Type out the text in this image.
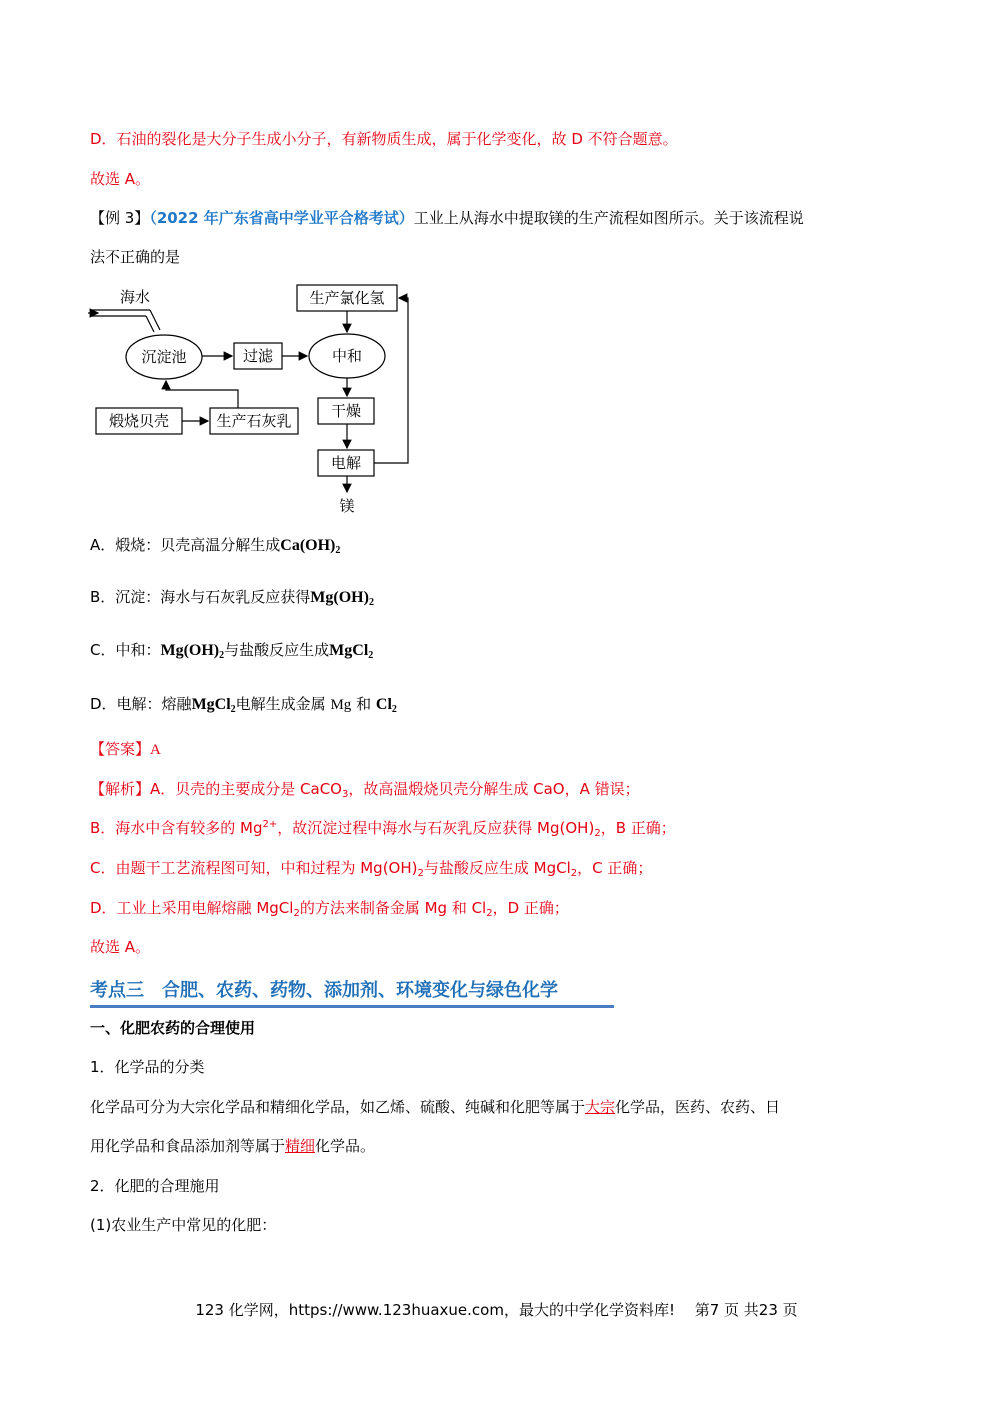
D．石油的裂化是大分子生成小分子，有新物质生成，属于化学变化，故 D 不符合题意。
故选 A。
【例 3】（2022 年广东省高中学业平合格考试）工业上从海水中提取镁的生产流程如图所示。关于该流程说
法不正确的是
海水
沉淀池	过滤	中和
生产氯化氢
煅烧贝壳	生产石灰乳
干燥
电解
镁
A．煅烧：贝壳高温分解生成$Ca(OH)_2$
B．沉淀：海水与石灰乳反应获得$Mg(OH)_2$
C．中和：$Mg(OH)_2$与盐酸反应生成MgCl$_2$
D．电解：熔融MgCl$_2$电解生成金属 Mg 和 $Cl_2$
【答案】A
【解析】A．贝壳的主要成分是 CaCO$_3$，故高温煅烧贝壳分解生成 CaO，A 错误；
B．海水中含有较多的 $Mg^{2+}$，故沉淀过程中海水与石灰乳反应获得 $Mg(OH)_2$，B 正确；
C．由题干工艺流程图可知，中和过程为 $Mg(OH)_2$与盐酸反应生成 MgCl$_2$，C 正确；
D．工业上采用电解熔融 MgCl$_2$的方法来制备金属 Mg 和 $Cl_2$，D 正确；
故选 A。
考点三　合肥、农药、药物、添加剂、环境变化与绿色化学
一、化肥农药的合理使用
1．化学品的分类
化学品可分为大宗化学品和精细化学品，如乙烯、硫酸、纯碱和化肥等属于大宗化学品，医药、农药、日
用化学品和食品添加剂等属于精细化学品。
2．化肥的合理施用
(1)农业生产中常见的化肥：
123 化学网，https://www.123huaxue.com，最大的中学化学资料库!　 第7 页 共23 页
